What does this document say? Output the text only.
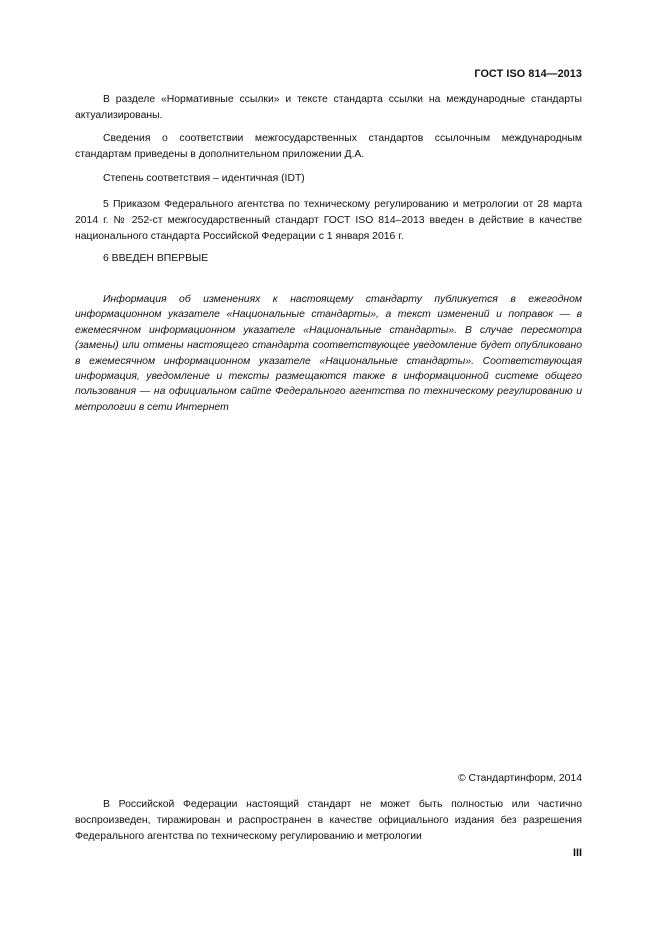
ГОСТ ISO 814—2013

В разделе «Нормативные ссылки» и тексте стандарта ссылки на международные стандарты актуализированы.

Сведения о соответствии межгосударственных стандартов ссылочным международным стандартам приведены в дополнительном приложении Д.А.

Степень соответствия – идентичная (IDT)

5 Приказом Федерального агентства по техническому регулированию и метрологии от 28 марта 2014 г. № 252-ст межгосударственный стандарт ГОСТ ISO 814–2013 введен в действие в качестве национального стандарта Российской Федерации с 1 января 2016 г.

6 ВВЕДЕН ВПЕРВЫЕ

Информация об изменениях к настоящему стандарту публикуется в ежегодном информационном указателе «Национальные стандарты», а текст изменений и поправок — в ежемесячном информационном указателе «Национальные стандарты». В случае пересмотра (замены) или отмены настоящего стандарта соответствующее уведомление будет опубликовано в ежемесячном информационном указателе «Национальные стандарты». Соответствующая информация, уведомление и тексты размещаются также в информационной системе общего пользования — на официальном сайте Федерального агентства по техническому регулированию и метрологии в сети Интернет

© Стандартинформ, 2014

В Российской Федерации настоящий стандарт не может быть полностью или частично воспроизведен, тиражирован и распространен в качестве официального издания без разрешения Федерального агентства по техническому регулированию и метрологии

III
